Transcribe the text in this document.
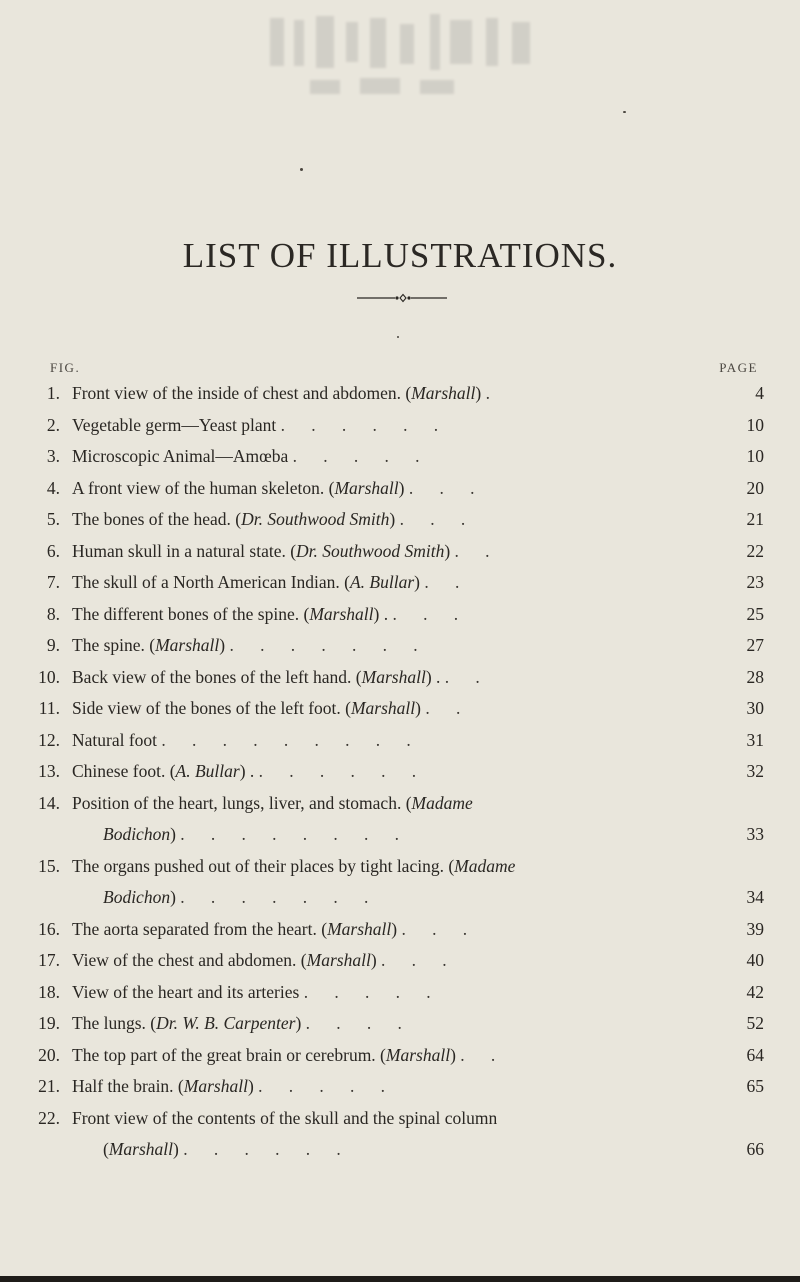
LIST OF ILLUSTRATIONS.
FIG.	PAGE
1. Front view of the inside of chest and abdomen. (Marshall) .  	4
2. Vegetable germ—Yeast plant .  .  .  .  .  .	10
3. Microscopic Animal—Amœba .  .  .  .  .	10
4. A front view of the human skeleton. (Marshall) .  .  .	20
5. The bones of the head. (Dr. Southwood Smith) .  .  .	21
6. Human skull in a natural state. (Dr. Southwood Smith) .  .	22
7. The skull of a North American Indian. (A. Bullar) .  .	23
8. The different bones of the spine. (Marshall) . .  .  .	25
9. The spine. (Marshall) .  .  .  .  .  .  .	27
10. Back view of the bones of the left hand. (Marshall) . .  .	28
11. Side view of the bones of the left foot. (Marshall) .  .	30
12. Natural foot .  .  .  .  .  .  .  .  .	31
13. Chinese foot. (A. Bullar) . .  .  .  .  .  .	32
14. Position of the heart, lungs, liver, and stomach. (Madame
Bodichon) .  .  .  .  .  .  .  .	33
15. The organs pushed out of their places by tight lacing. (Madame
Bodichon) .  .  .  .  .  .  .	34
16. The aorta separated from the heart. (Marshall) .  .  .	39
17. View of the chest and abdomen. (Marshall) .  .  .	40
18. View of the heart and its arteries .  .  .  .  .	42
19. The lungs. (Dr. W. B. Carpenter) .  .  .  .	52
20. The top part of the great brain or cerebrum. (Marshall) .  .	64
21. Half the brain. (Marshall) .  .  .  .  .	65
22. Front view of the contents of the skull and the spinal column
(Marshall) .  .  .  .  .  .	66
